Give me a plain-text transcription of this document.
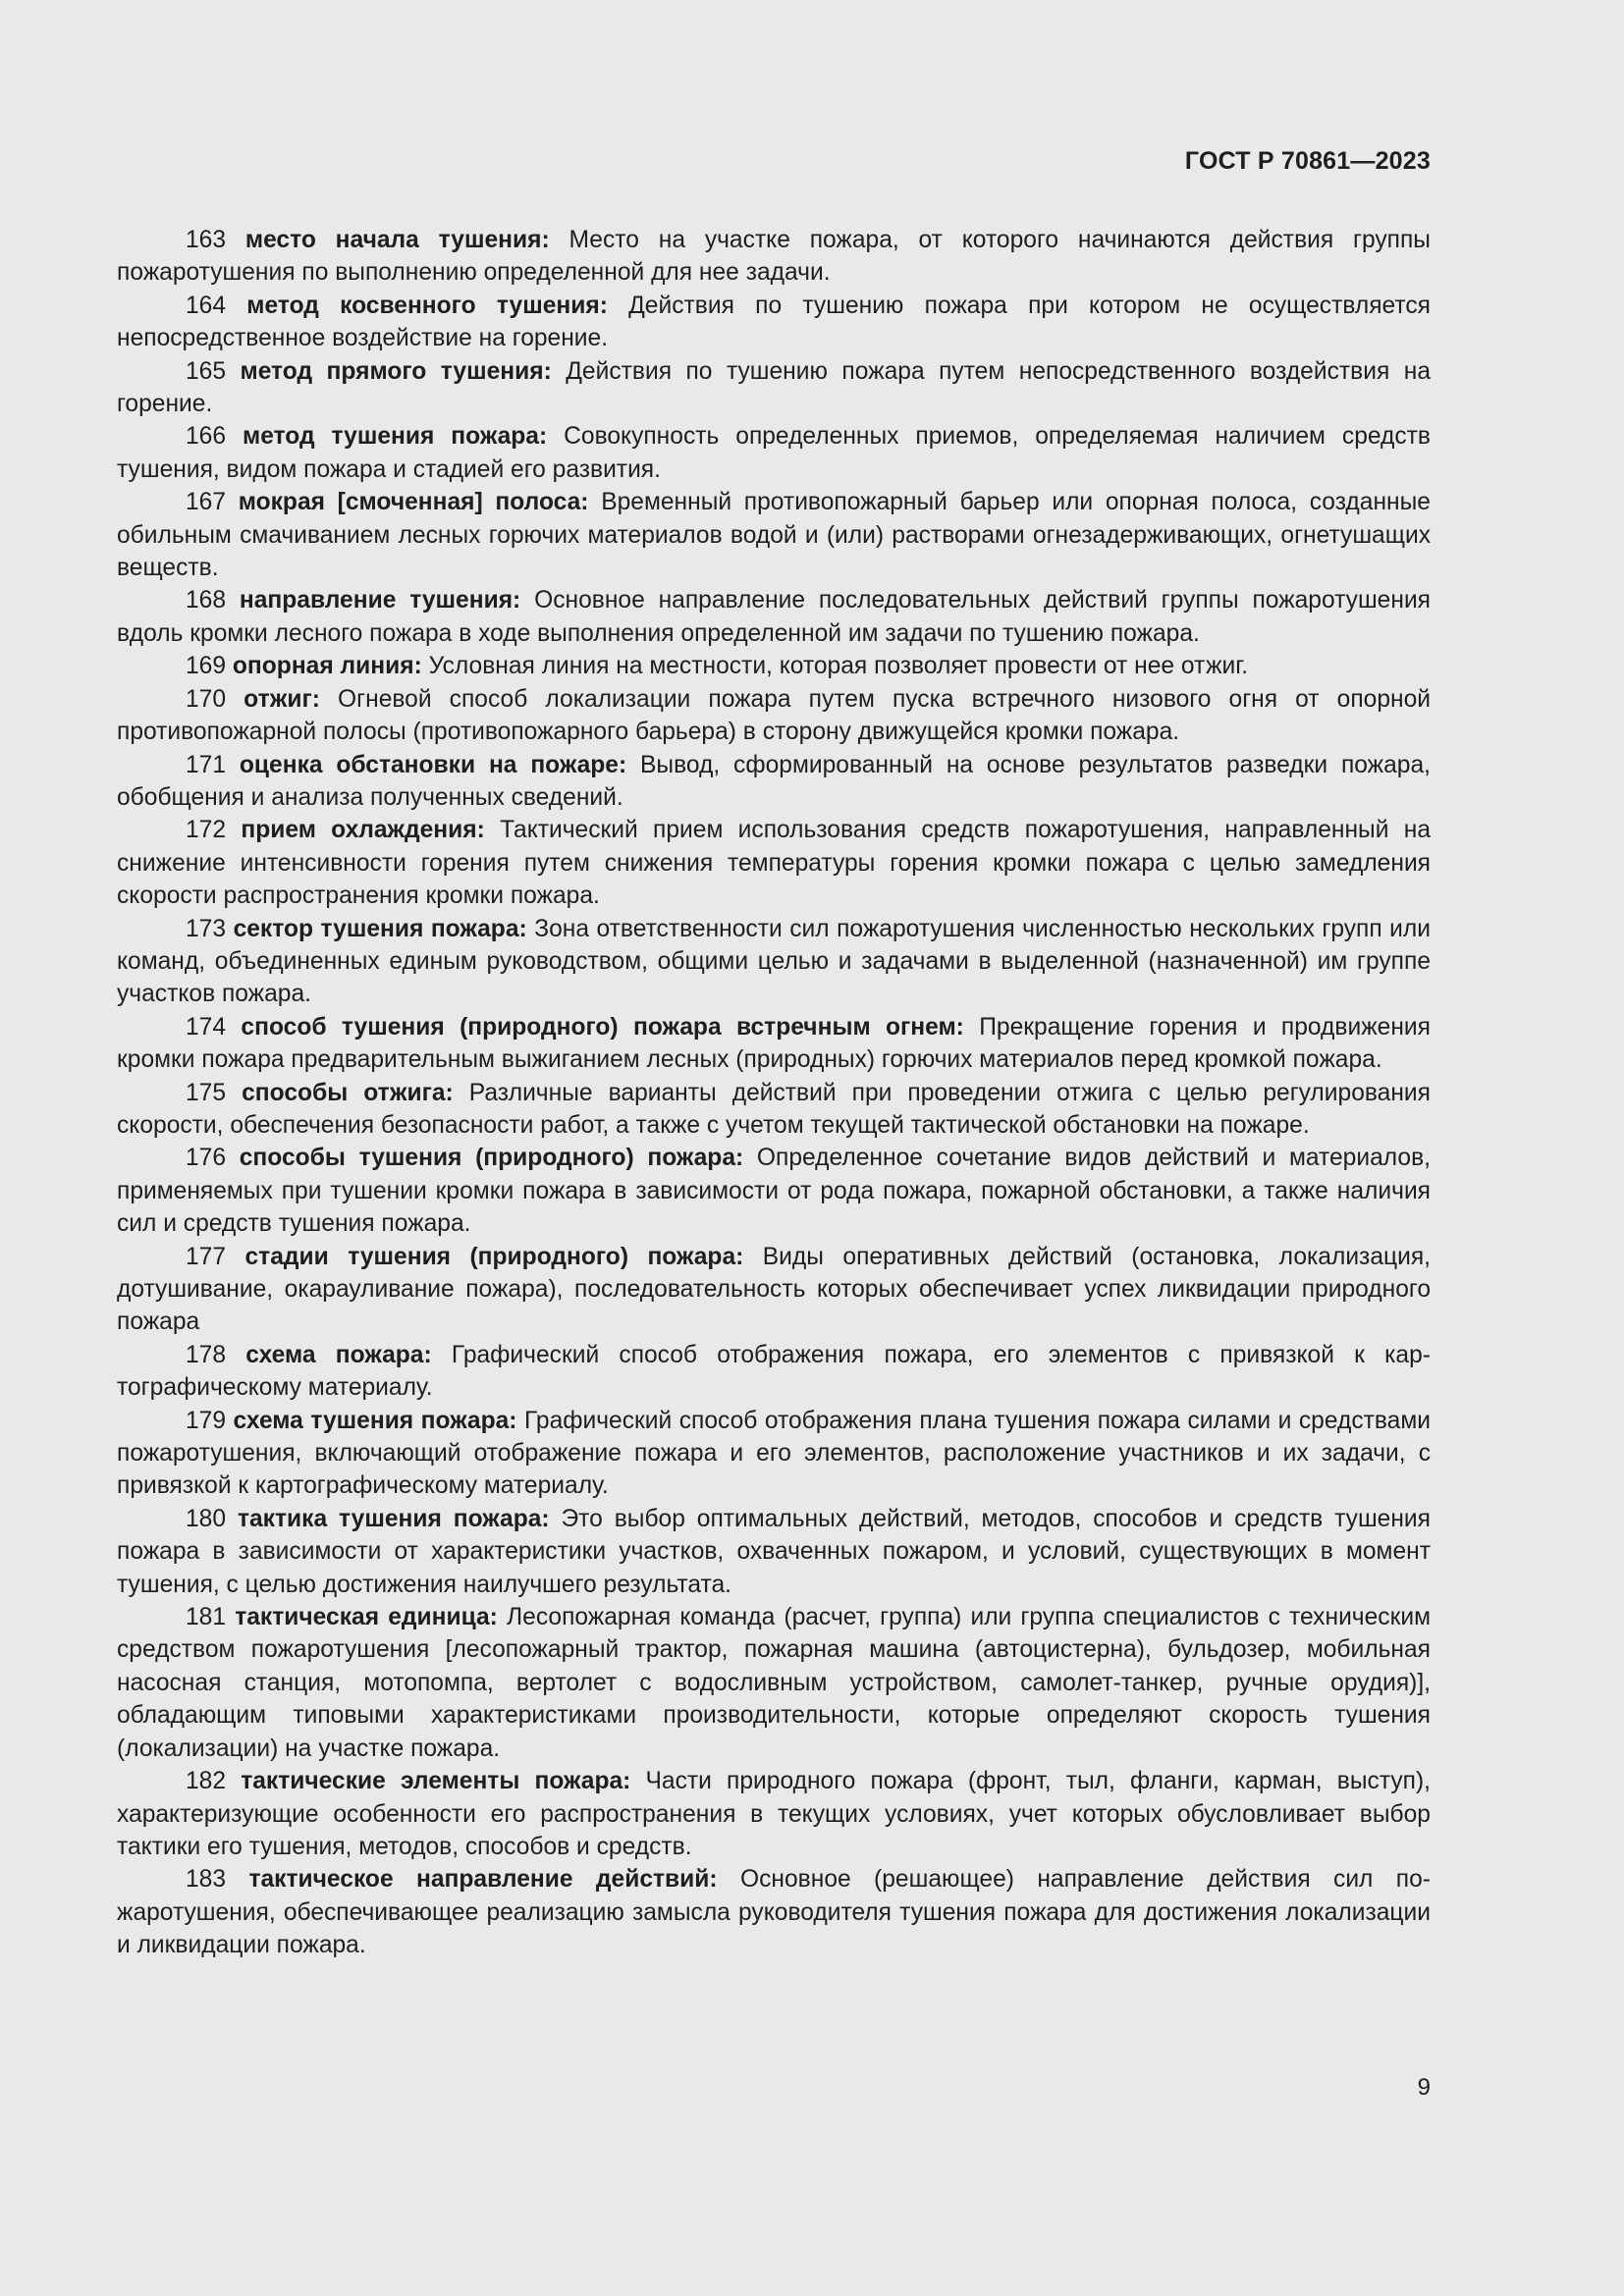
ГОСТ Р 70861—2023

163 место начала тушения: Место на участке пожара, от которого начинаются действия группы пожаротушения по выполнению определенной для нее задачи.

164 метод косвенного тушения: Действия по тушению пожара при котором не осуществляется непосредственное воздействие на горение.

165 метод прямого тушения: Действия по тушению пожара путем непосредственного воздействия на горение.

166 метод тушения пожара: Совокупность определенных приемов, определяемая наличием средств тушения, видом пожара и стадией его развития.

167 мокрая [смоченная] полоса: Временный противопожарный барьер или опорная полоса, созданные обильным смачиванием лесных горючих материалов водой и (или) растворами огнезадерживающих, огнетушащих веществ.

168 направление тушения: Основное направление последовательных действий группы пожаротушения вдоль кромки лесного пожара в ходе выполнения определенной им задачи по тушению пожара.

169 опорная линия: Условная линия на местности, которая позволяет провести от нее отжиг.

170 отжиг: Огневой способ локализации пожара путем пуска встречного низового огня от опорной противопожарной полосы (противопожарного барьера) в сторону движущейся кромки пожара.

171 оценка обстановки на пожаре: Вывод, сформированный на основе результатов разведки пожара, обобщения и анализа полученных сведений.

172 прием охлаждения: Тактический прием использования средств пожаротушения, направленный на снижение интенсивности горения путем снижения температуры горения кромки пожара с целью замедления скорости распространения кромки пожара.

173 сектор тушения пожара: Зона ответственности сил пожаротушения численностью нескольких групп или команд, объединенных единым руководством, общими целью и задачами в выделенной (назначенной) им группе участков пожара.

174 способ тушения (природного) пожара встречным огнем: Прекращение горения и продвижения кромки пожара предварительным выжиганием лесных (природных) горючих материалов перед кромкой пожара.

175 способы отжига: Различные варианты действий при проведении отжига с целью регулирования скорости, обеспечения безопасности работ, а также с учетом текущей тактической обстановки на пожаре.

176 способы тушения (природного) пожара: Определенное сочетание видов действий и материалов, применяемых при тушении кромки пожара в зависимости от рода пожара, пожарной обстановки, а также наличия сил и средств тушения пожара.

177 стадии тушения (природного) пожара: Виды оперативных действий (остановка, локализация, дотушивание, окарауливание пожара), последовательность которых обеспечивает успех ликвидации природного пожара

178 схема пожара: Графический способ отображения пожара, его элементов с привязкой к картографическому материалу.

179 схема тушения пожара: Графический способ отображения плана тушения пожара силами и средствами пожаротушения, включающий отображение пожара и его элементов, расположение участников и их задачи, с привязкой к картографическому материалу.

180 тактика тушения пожара: Это выбор оптимальных действий, методов, способов и средств тушения пожара в зависимости от характеристики участков, охваченных пожаром, и условий, существующих в момент тушения, с целью достижения наилучшего результата.

181 тактическая единица: Лесопожарная команда (расчет, группа) или группа специалистов с техническим средством пожаротушения [лесопожарный трактор, пожарная машина (автоцистерна), бульдозер, мобильная насосная станция, мотопомпа, вертолет с водосливным устройством, самолет-танкер, ручные орудия)], обладающим типовыми характеристиками производительности, которые определяют скорость тушения (локализации) на участке пожара.

182 тактические элементы пожара: Части природного пожара (фронт, тыл, фланги, карман, выступ), характеризующие особенности его распространения в текущих условиях, учет которых обусловливает выбор тактики его тушения, методов, способов и средств.

183 тактическое направление действий: Основное (решающее) направление действия сил пожаротушения, обеспечивающее реализацию замысла руководителя тушения пожара для достижения локализации и ликвидации пожара.

9
